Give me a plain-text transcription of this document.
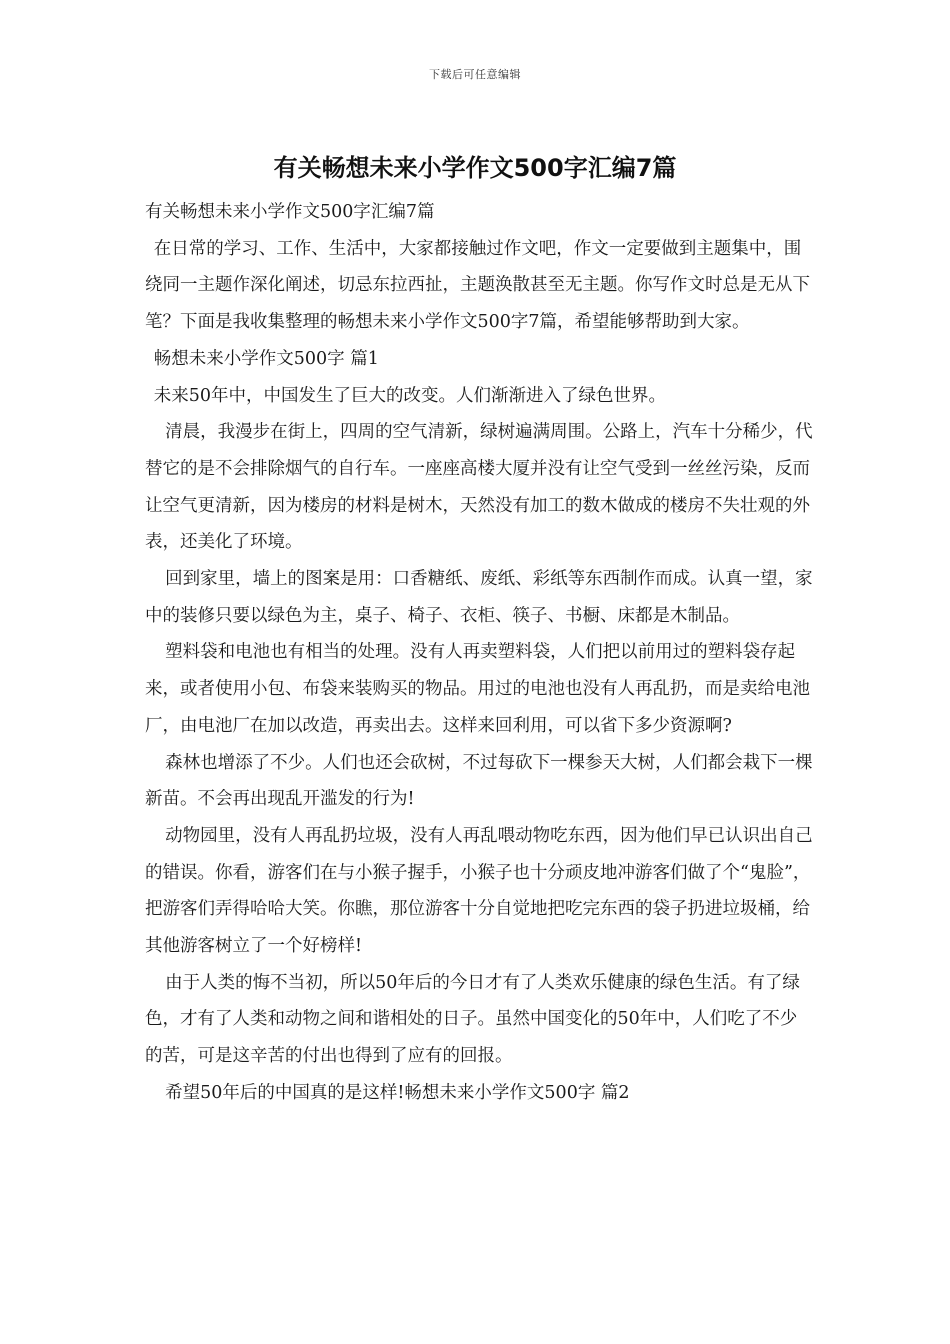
下载后可任意编辑
有关畅想未来小学作文500字汇编7篇

有关畅想未来小学作文500字汇编7篇

在日常的学习、工作、生活中，大家都接触过作文吧，作文一定要做到主题集中，围绕同一主题作深化阐述，切忌东拉西扯，主题涣散甚至无主题。你写作文时总是无从下笔？下面是我收集整理的畅想未来小学作文500字7篇，希望能够帮助到大家。

畅想未来小学作文500字 篇1

未来50年中，中国发生了巨大的改变。人们渐渐进入了绿色世界。

清晨，我漫步在街上，四周的空气清新，绿树遍满周围。公路上，汽车十分稀少，代替它的是不会排除烟气的自行车。一座座高楼大厦并没有让空气受到一丝丝污染，反而让空气更清新，因为楼房的材料是树木，天然没有加工的数木做成的楼房不失壮观的外表，还美化了环境。

回到家里，墙上的图案是用：口香糖纸、废纸、彩纸等东西制作而成。认真一望，家中的装修只要以绿色为主，桌子、椅子、衣柜、筷子、书橱、床都是木制品。

塑料袋和电池也有相当的处理。没有人再卖塑料袋，人们把以前用过的塑料袋存起来，或者使用小包、布袋来装购买的物品。用过的电池也没有人再乱扔，而是卖给电池厂，由电池厂在加以改造，再卖出去。这样来回利用，可以省下多少资源啊?

森林也增添了不少。人们也还会砍树，不过每砍下一棵参天大树，人们都会栽下一棵新苗。不会再出现乱开滥发的行为!

动物园里，没有人再乱扔垃圾，没有人再乱喂动物吃东西，因为他们早已认识出自己的错误。你看，游客们在与小猴子握手，小猴子也十分顽皮地冲游客们做了个“鬼脸”，把游客们弄得哈哈大笑。你瞧，那位游客十分自觉地把吃完东西的袋子扔进垃圾桶，给其他游客树立了一个好榜样!

由于人类的悔不当初，所以50年后的今日才有了人类欢乐健康的绿色生活。有了绿色，才有了人类和动物之间和谐相处的日子。虽然中国变化的50年中，人们吃了不少的苦，可是这辛苦的付出也得到了应有的回报。

希望50年后的中国真的是这样!畅想未来小学作文500字 篇2
